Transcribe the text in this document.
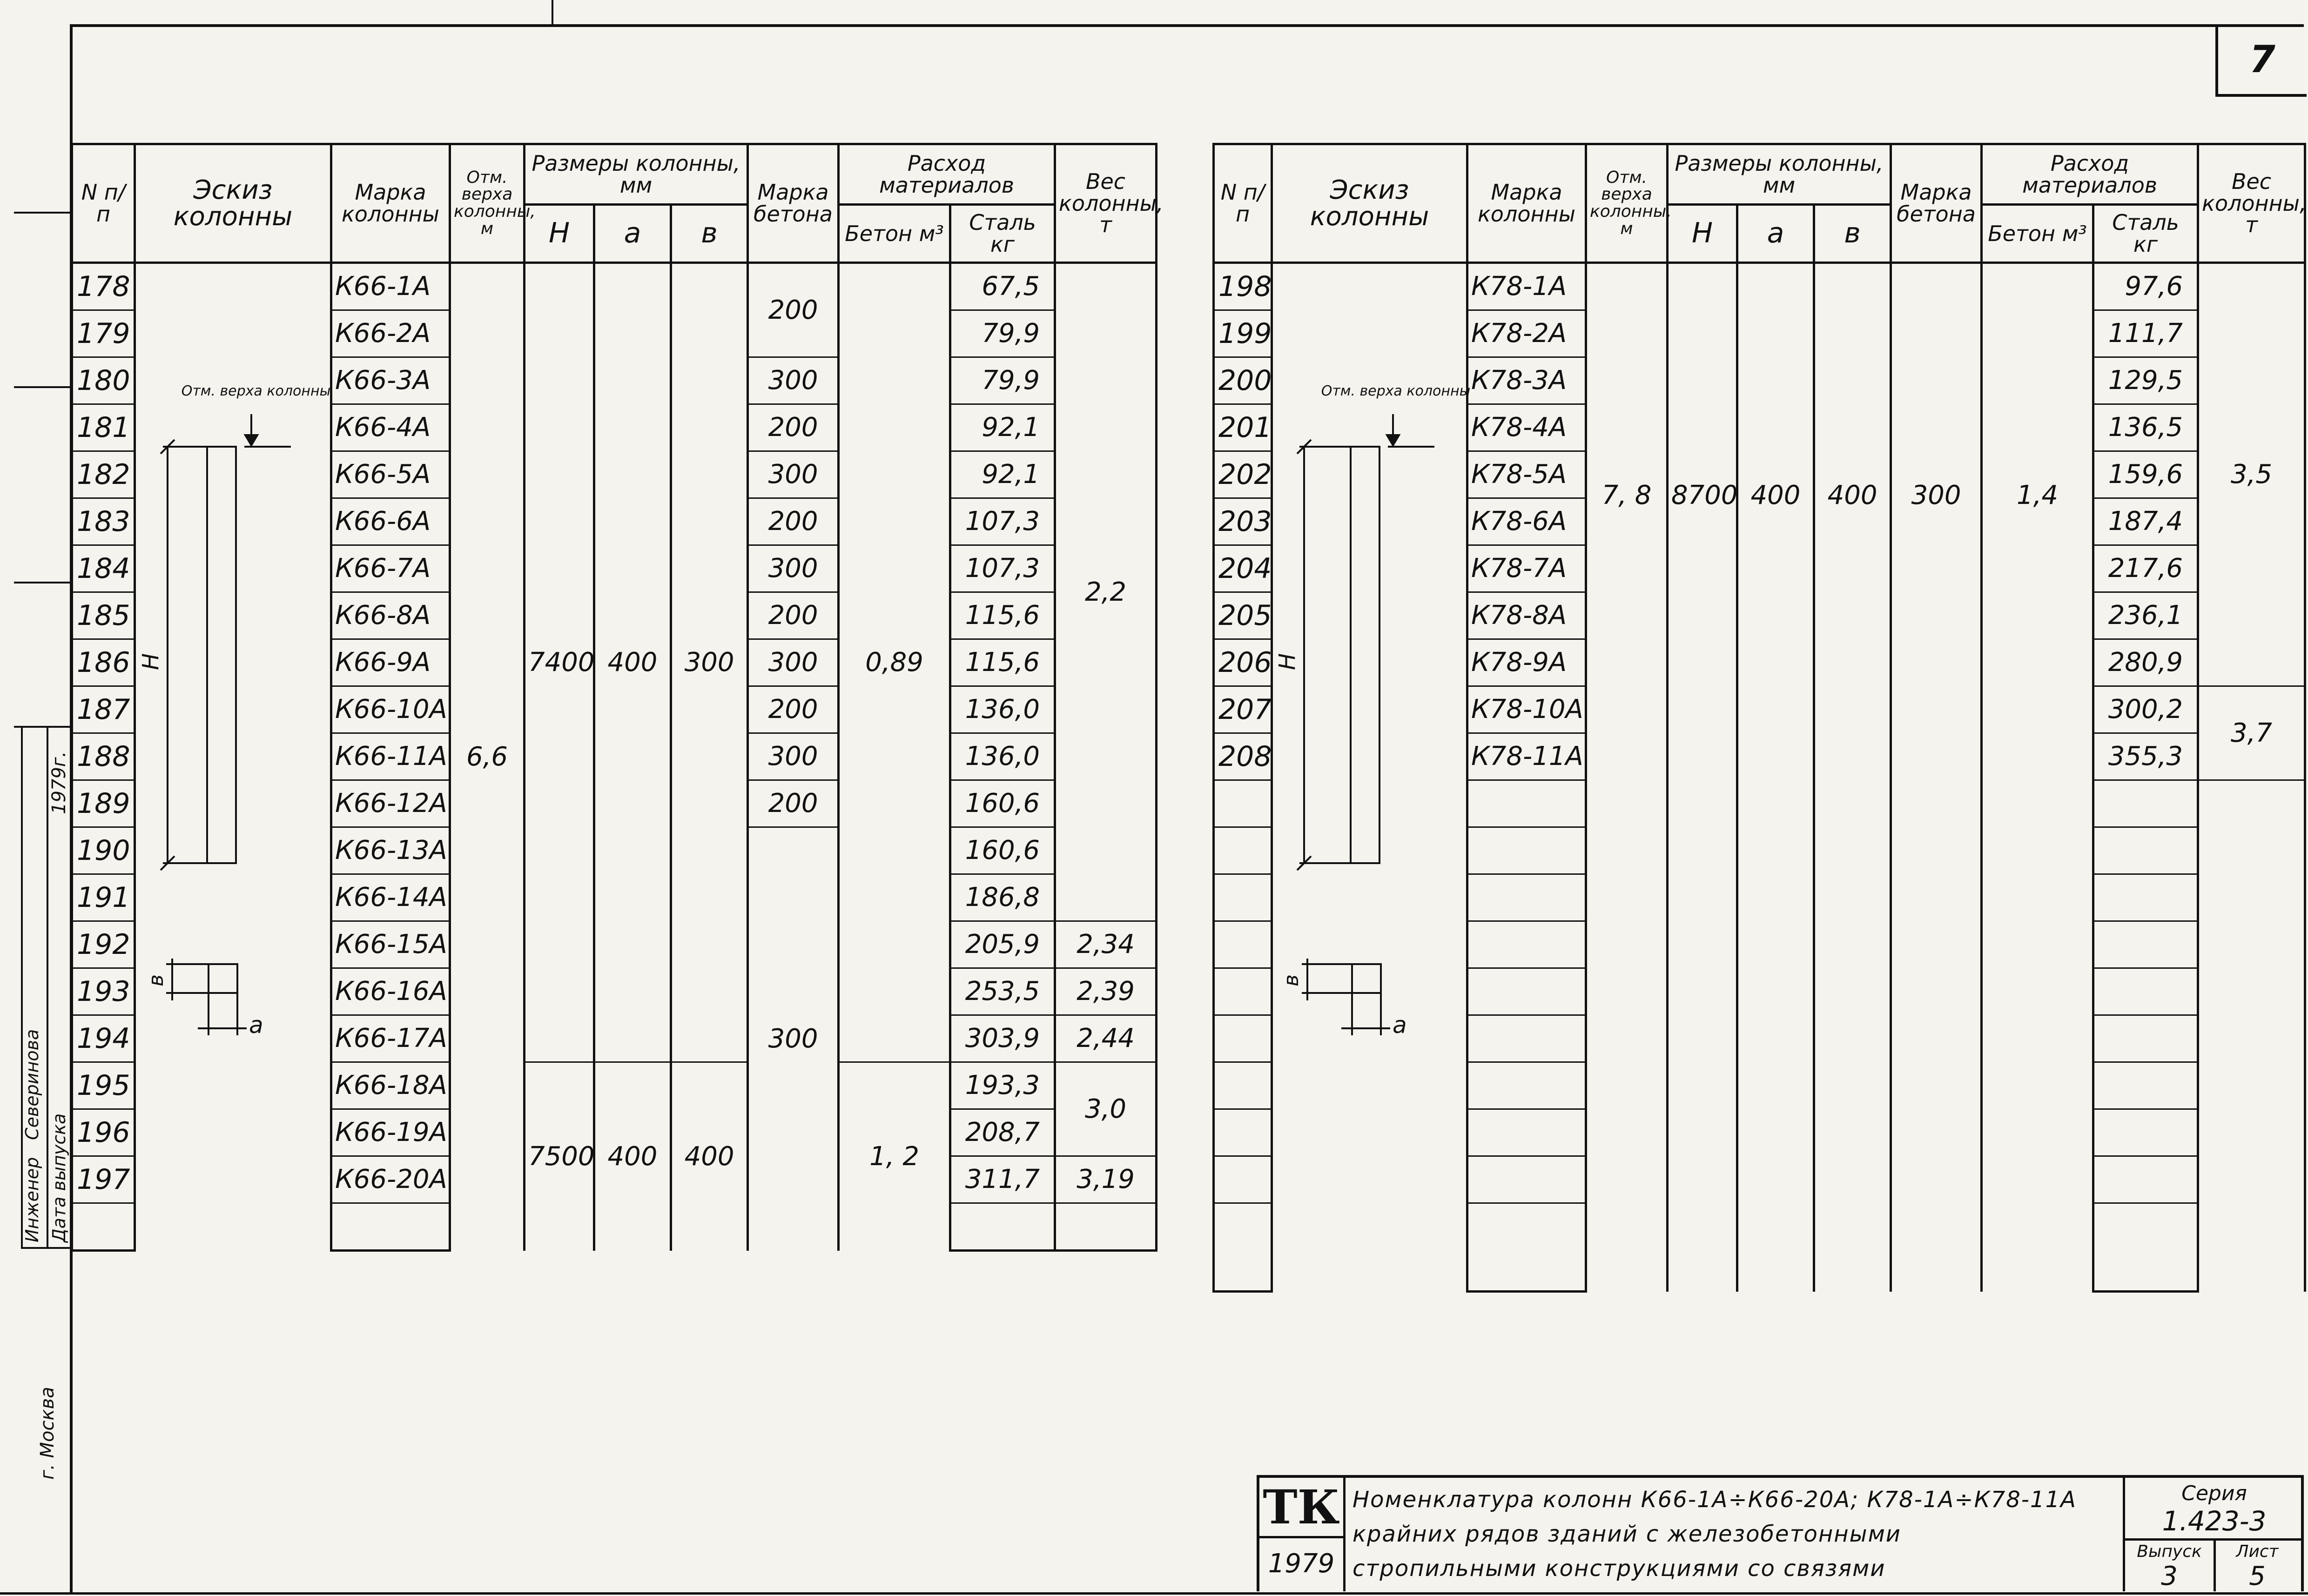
7
N п/п	Эскиз колонны	Марка колонны	Отм. верха колонны, м	Размеры колонны, мм			Марка бетона	Расход материалов		Вес колонны, т
				Н	а	в		Бетон м³	Сталь кг	
178		К66-1А	6,6	7400	400	300	200	0,89	67,5	2,2
179		К66-2А							79,9	
180		К66-3А					300		79,9	
181		К66-4А					200		92,1	
182		К66-5А					300		92,1	
183		К66-6А					200		107,3	
184		К66-7А					300		107,3	
185		К66-8А					200		115,6	
186		К66-9А					300		115,6	
187		К66-10А					200		136,0	
188		К66-11А					300		136,0	
189		К66-12А					200		160,6	
190		К66-13А					300		160,6	
191		К66-14А							186,8	
192		К66-15А							205,9	2,34
193		К66-16А							253,5	2,39
194		К66-17А							303,9	2,44
195		К66-18А		7500	400	400		1, 2	193,3	3,0
196		К66-19А							208,7	
197		К66-20А							311,7	3,19

N п/п	Эскиз колонны	Марка колонны	Отм. верха колонны, м	Размеры колонны, мм			Марка бетона	Расход материалов		Вес колонны, т
				Н	а	в		Бетон м³	Сталь кг	
198		К78-1А	7, 8	8700	400	400	300	1,4	97,6	3,5
199		К78-2А							111,7	
200		К78-3А							129,5	
201		К78-4А							136,5	
202		К78-5А							159,6	
203		К78-6А							187,4	
204		К78-7А							217,6	
205		К78-8А							236,1	
206		К78-9А							280,9	
207		К78-10А							300,2	3,7
208		К78-11А							355,3	

Отм. верха колонны
Н
в
а
Отм. верха колонны
Н
в
а
Инженер
Северинова
Дата выпуска
1979г.
г. Москва
ТК
1979
Номенклатура колонн К66-1А÷К66-20А; К78-1А÷К78-11А
крайних рядов зданий с железобетонными
стропильными конструкциями со связями
Серия
1.423-3
Выпуск
3
Лист
5
